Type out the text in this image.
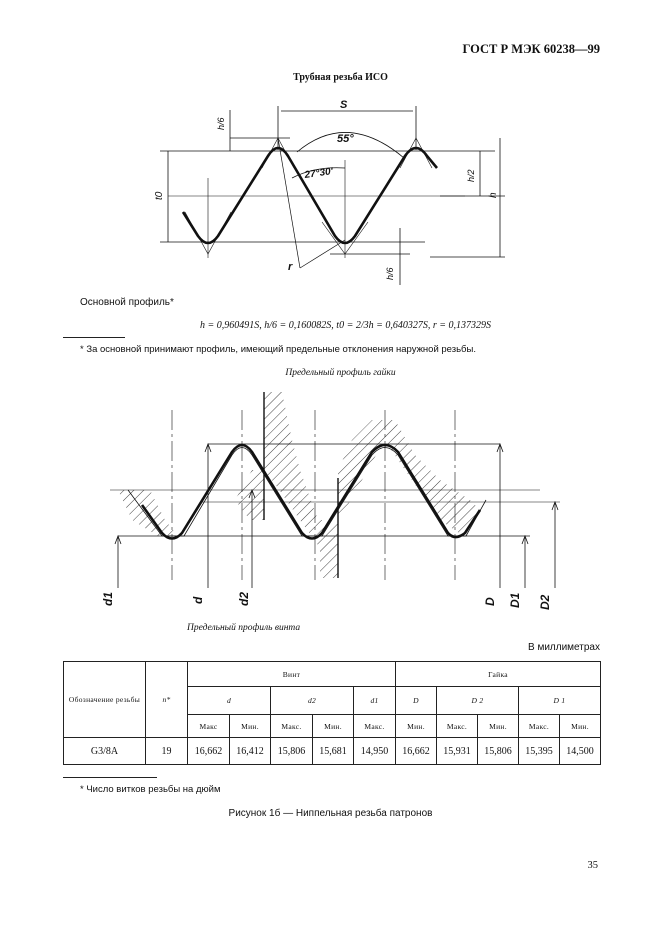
ГОСТ Р МЭК 60238—99
Трубная резьба ИСО
S
h/6
h/6
h/2
h
t0
55°
27°30'
r
Основной профиль*
h = 0,960491S, h/6 = 0,160082S, t0 = 2/3h = 0,640327S, r = 0,137329S
* За основной принимают профиль, имеющий предельные отклонения наружной резьбы.
Предельный профиль гайки
d1	d	d2	D D1 D2
Предельный профиль винта
В миллиметрах
Обозначение резьбы	n*	Винт					Гайка				
		d		d2		d1	D	D 2		D 1	
		Макс	Мин.	Макс.	Мин.	Макс.	Мин.	Макс.	Мин.	Макс.	Мин.
G3/8A	19	16,662	16,412	15,806	15,681	14,950	16,662	15,931	15,806	15,395	14,500
* Число витков резьбы на дюйм
Рисунок 1б — Ниппельная резьба патронов
35
